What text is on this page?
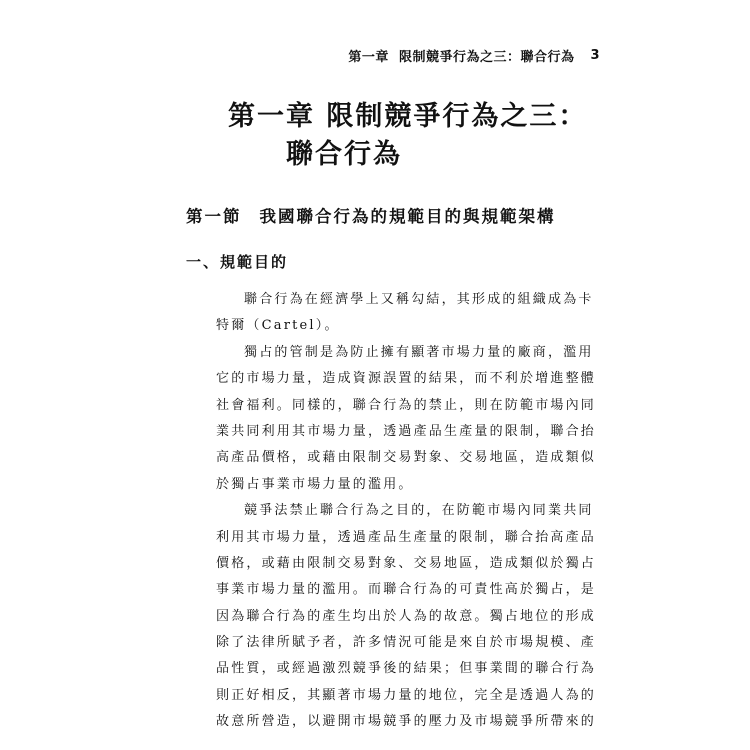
第一章 限制競爭行為之三：聯合行為 3
第一章 限制競爭行為之三：
聯合行為
第一節 我國聯合行為的規範目的與規範架構
一、規範目的
聯合行為在經濟學上又稱勾結，其形成的組織成為卡
特爾（Cartel）。
獨占的管制是為防止擁有顯著市場力量的廠商，濫用
它的市場力量，造成資源誤置的結果，而不利於增進整體
社會福利。同樣的，聯合行為的禁止，則在防範市場內同
業共同利用其市場力量，透過產品生產量的限制，聯合抬
高產品價格，或藉由限制交易對象、交易地區，造成類似
於獨占事業市場力量的濫用。
競爭法禁止聯合行為之目的，在防範市場內同業共同
利用其市場力量，透過產品生產量的限制，聯合抬高產品
價格，或藉由限制交易對象、交易地區，造成類似於獨占
事業市場力量的濫用。而聯合行為的可責性高於獨占，是
因為聯合行為的產生均出於人為的故意。獨占地位的形成
除了法律所賦予者，許多情況可能是來自於市場規模、產
品性質，或經過激烈競爭後的結果；但事業間的聯合行為
則正好相反，其顯著市場力量的地位，完全是透過人為的
故意所營造，以避開市場競爭的壓力及市場競爭所帶來的
